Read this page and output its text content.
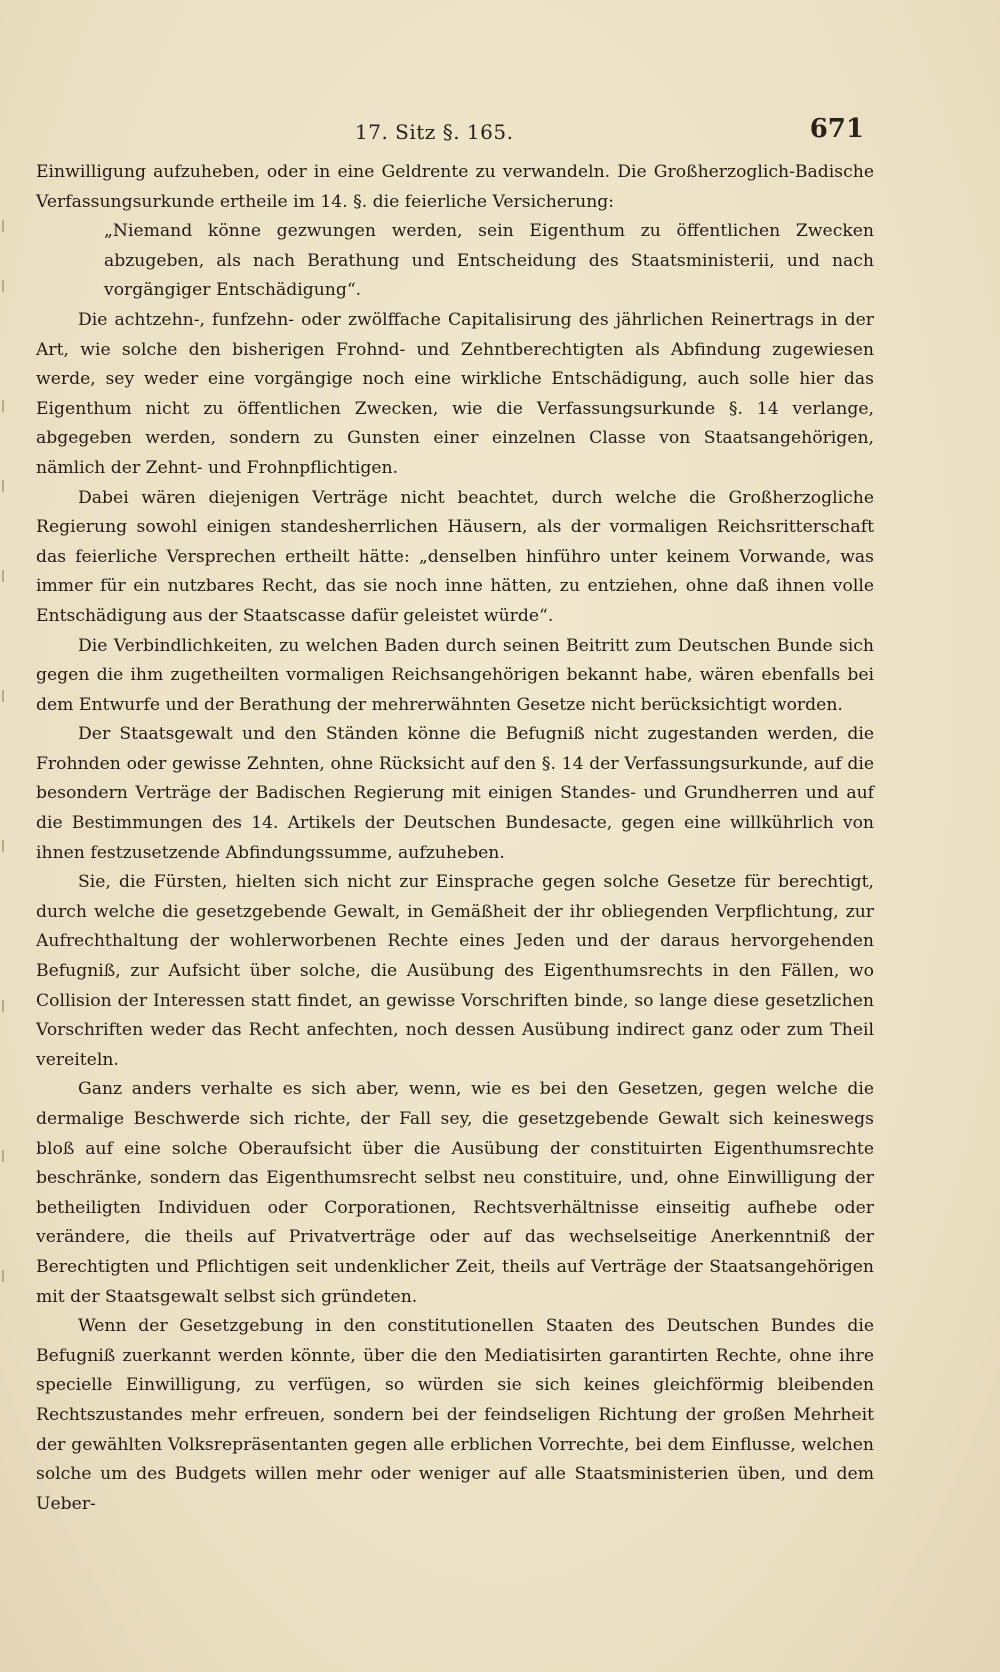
17. Sitz §. 165.	671

Einwilligung aufzuheben, oder in eine Geldrente zu verwandeln. Die Großherzoglich-Badische Verfassungsurkunde ertheile im 14. §. die feierliche Versicherung:

„Niemand könne gezwungen werden, sein Eigenthum zu öffentlichen Zwecken abzugeben, als nach Berathung und Entscheidung des Staatsministerii, und nach vorgängiger Entschädigung“.

Die achtzehn-, funfzehn- oder zwölffache Capitalisirung des jährlichen Reinertrags in der Art, wie solche den bisherigen Frohnd- und Zehntberechtigten als Abfindung zugewiesen werde, sey weder eine vorgängige noch eine wirkliche Entschädigung, auch solle hier das Eigenthum nicht zu öffentlichen Zwecken, wie die Verfassungsurkunde §. 14 verlange, abgegeben werden, sondern zu Gunsten einer einzelnen Classe von Staatsangehörigen, nämlich der Zehnt- und Frohnpflichtigen.

Dabei wären diejenigen Verträge nicht beachtet, durch welche die Großherzogliche Regierung sowohl einigen standesherrlichen Häusern, als der vormaligen Reichsritterschaft das feierliche Versprechen ertheilt hätte: „denselben hinführo unter keinem Vorwande, was immer für ein nutzbares Recht, das sie noch inne hätten, zu entziehen, ohne daß ihnen volle Entschädigung aus der Staatscasse dafür geleistet würde“.

Die Verbindlichkeiten, zu welchen Baden durch seinen Beitritt zum Deutschen Bunde sich gegen die ihm zugetheilten vormaligen Reichsangehörigen bekannt habe, wären ebenfalls bei dem Entwurfe und der Berathung der mehrerwähnten Gesetze nicht berücksichtigt worden.

Der Staatsgewalt und den Ständen könne die Befugniß nicht zugestanden werden, die Frohnden oder gewisse Zehnten, ohne Rücksicht auf den §. 14 der Verfassungsurkunde, auf die besondern Verträge der Badischen Regierung mit einigen Standes- und Grundherren und auf die Bestimmungen des 14. Artikels der Deutschen Bundesacte, gegen eine willkührlich von ihnen festzusetzende Abfindungssumme, aufzuheben.

Sie, die Fürsten, hielten sich nicht zur Einsprache gegen solche Gesetze für berechtigt, durch welche die gesetzgebende Gewalt, in Gemäßheit der ihr obliegenden Verpflichtung, zur Aufrechthaltung der wohlerworbenen Rechte eines Jeden und der daraus hervorgehenden Befugniß, zur Aufsicht über solche, die Ausübung des Eigenthumsrechts in den Fällen, wo Collision der Interessen statt findet, an gewisse Vorschriften binde, so lange diese gesetzlichen Vorschriften weder das Recht anfechten, noch dessen Ausübung indirect ganz oder zum Theil vereiteln.

Ganz anders verhalte es sich aber, wenn, wie es bei den Gesetzen, gegen welche die dermalige Beschwerde sich richte, der Fall sey, die gesetzgebende Gewalt sich keineswegs bloß auf eine solche Oberaufsicht über die Ausübung der constituirten Eigenthumsrechte beschränke, sondern das Eigenthumsrecht selbst neu constituire, und, ohne Einwilligung der betheiligten Individuen oder Corporationen, Rechtsverhältnisse einseitig aufhebe oder verändere, die theils auf Privatverträge oder auf das wechselseitige Anerkenntniß der Berechtigten und Pflichtigen seit undenklicher Zeit, theils auf Verträge der Staatsangehörigen mit der Staatsgewalt selbst sich gründeten.

Wenn der Gesetzgebung in den constitutionellen Staaten des Deutschen Bundes die Befugniß zuerkannt werden könnte, über die den Mediatisirten garantirten Rechte, ohne ihre specielle Einwilligung, zu verfügen, so würden sie sich keines gleichförmig bleibenden Rechtszustandes mehr erfreuen, sondern bei der feindseligen Richtung der großen Mehrheit der gewählten Volksrepräsentanten gegen alle erblichen Vorrechte, bei dem Einflusse, welchen solche um des Budgets willen mehr oder weniger auf alle Staatsministerien üben, und dem Ueber-
